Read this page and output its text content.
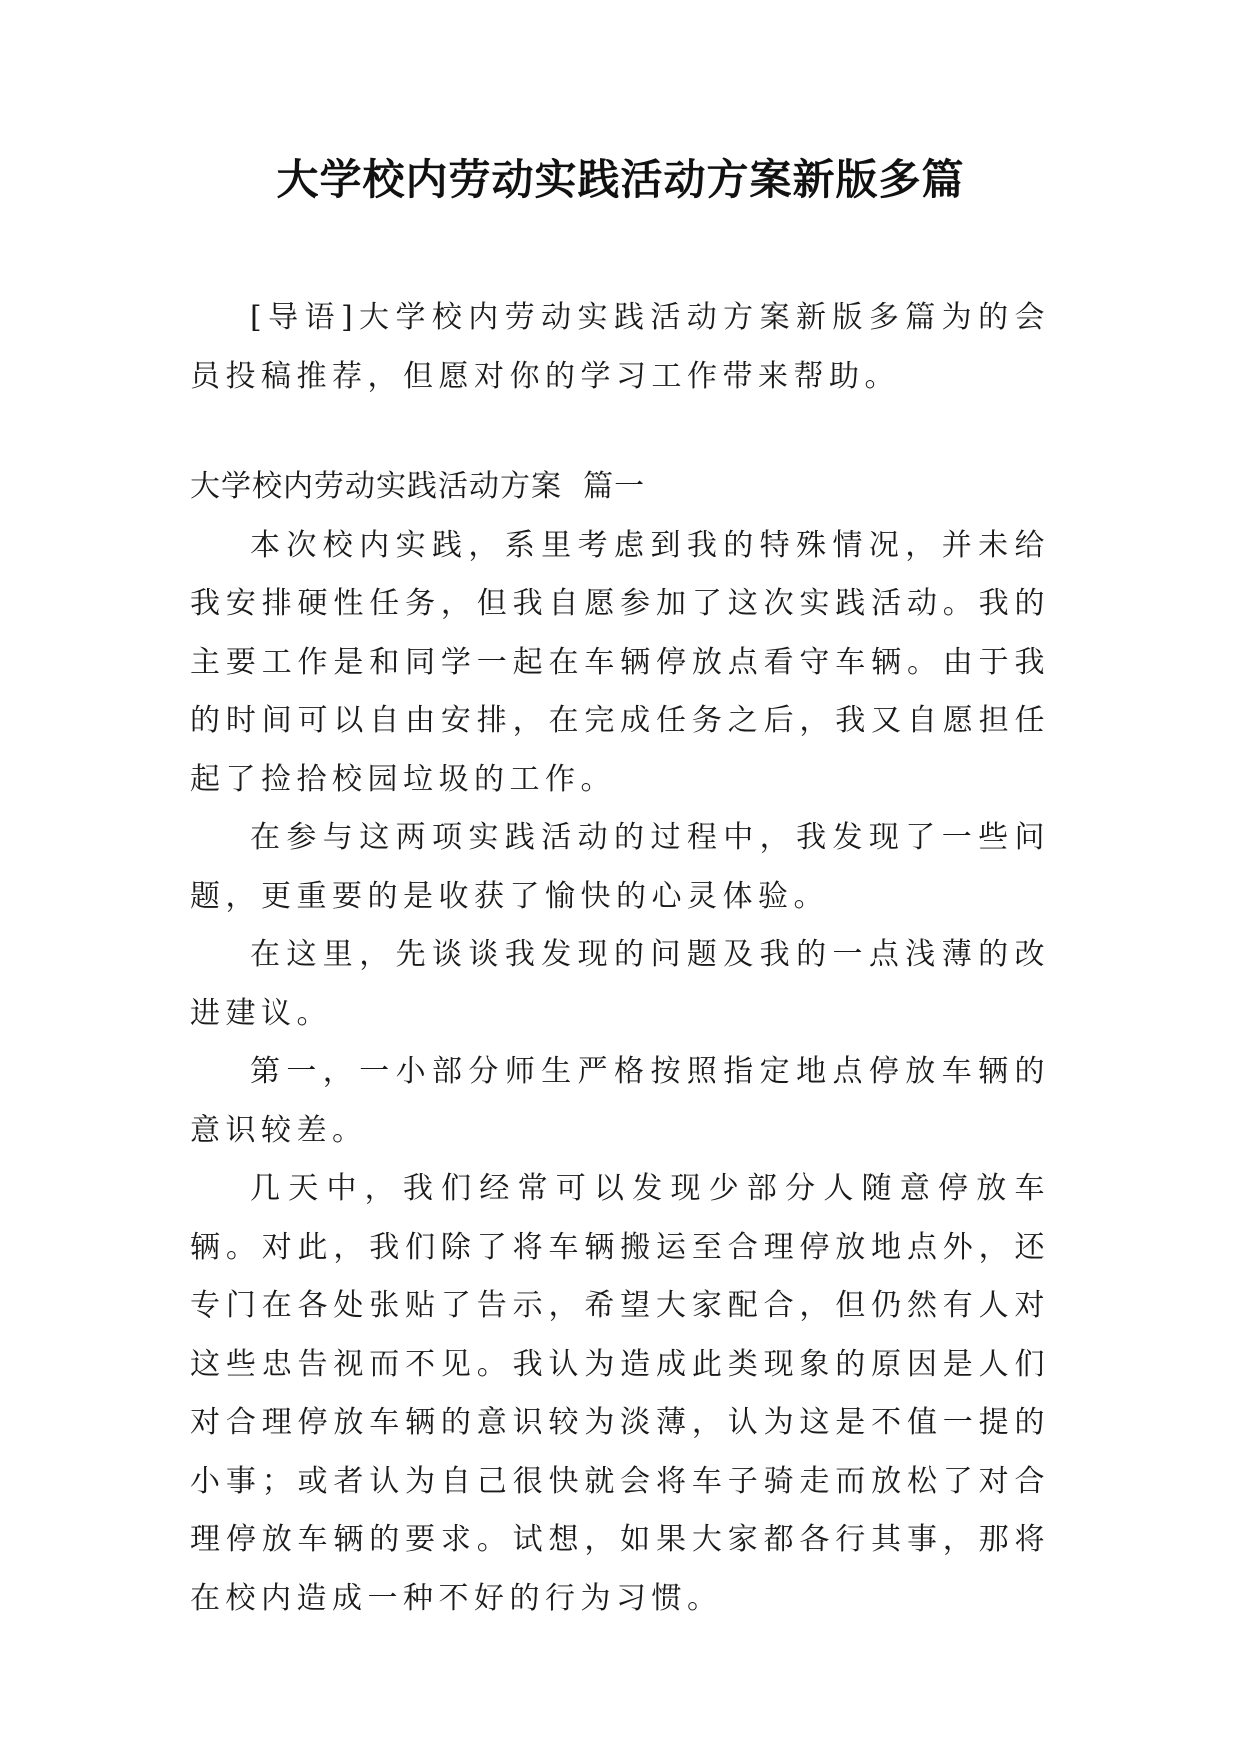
大学校内劳动实践活动方案新版多篇

[导语]大学校内劳动实践活动方案新版多篇为的会员投稿推荐，但愿对你的学习工作带来帮助。

大学校内劳动实践活动方案  篇一

本次校内实践，系里考虑到我的特殊情况，并未给我安排硬性任务，但我自愿参加了这次实践活动。我的主要工作是和同学一起在车辆停放点看守车辆。由于我的时间可以自由安排，在完成任务之后，我又自愿担任起了捡拾校园垃圾的工作。

在参与这两项实践活动的过程中，我发现了一些问题，更重要的是收获了愉快的心灵体验。

在这里，先谈谈我发现的问题及我的一点浅薄的改进建议。

第一，一小部分师生严格按照指定地点停放车辆的意识较差。

几天中，我们经常可以发现少部分人随意停放车辆。对此，我们除了将车辆搬运至合理停放地点外，还专门在各处张贴了告示，希望大家配合，但仍然有人对这些忠告视而不见。我认为造成此类现象的原因是人们对合理停放车辆的意识较为淡薄，认为这是不值一提的小事；或者认为自己很快就会将车子骑走而放松了对合理停放车辆的要求。试想，如果大家都各行其事，那将在校内造成一种不好的行为习惯。
